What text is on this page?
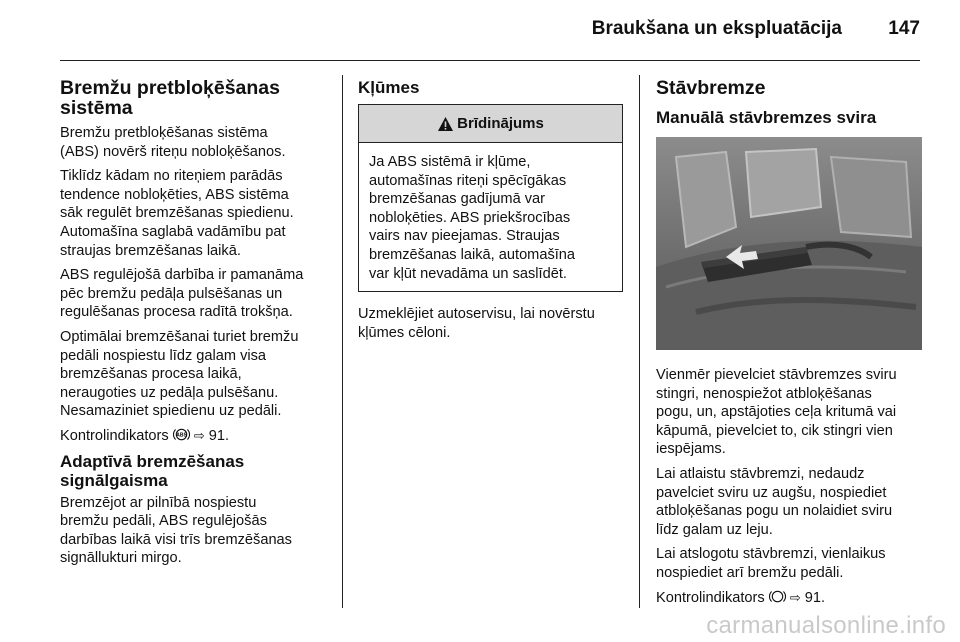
Braukšana un ekspluatācija 147
Bremžu pretbloķēšanas
sistēma

Bremžu pretbloķēšanas sistēma
(ABS) novērš riteņu nobloķēšanos.

Tiklīdz kādam no riteņiem parādās
tendence nobloķēties, ABS sistēma
sāk regulēt bremzēšanas spiedienu.
Automašīna saglabā vadāmību pat
straujas bremzēšanas laikā.

ABS regulējošā darbība ir pamanāma
pēc bremžu pedāļa pulsēšanas un
regulēšanas procesa radītā trokšņa.

Optimālai bremzēšanai turiet bremžu
pedāli nospiestu līdz galam visa
bremzēšanas procesa laikā,
neraugoties uz pedāļa pulsēšanu.
Nesamaziniet spiedienu uz pedāli.

Kontrolindikators ABS ⇨ 91.

Adaptīvā bremzēšanas
signālgaisma

Bremzējot ar pilnībā nospiestu
bremžu pedāli, ABS regulējošās
darbības laikā visi trīs bremzēšanas
signāllukturi mirgo.

Kļūmes
Brīdinājums

Ja ABS sistēmā ir kļūme,
automašīnas riteņi spēcīgākas
bremzēšanas gadījumā var
nobloķēties. ABS priekšrocības
vairs nav pieejamas. Straujas
bremzēšanas laikā, automašīna
var kļūt nevadāma un saslīdēt.

Uzmeklējiet autoservisu, lai novērstu
kļūmes cēloni.

Stāvbremze
Manuālā stāvbremzes svira

Vienmēr pievelciet stāvbremzes sviru
stingri, nenospiežot atbloķēšanas
pogu, un, apstājoties ceļa kritumā vai
kāpumā, pievelciet to, cik stingri vien
iespējams.

Lai atlaistu stāvbremzi, nedaudz
pavelciet sviru uz augšu, nospiediet
atbloķēšanas pogu un nolaidiet sviru
līdz galam uz leju.

Lai atslogotu stāvbremzi, vienlaikus
nospiediet arī bremžu pedāli.

Kontrolindikators ⇨ 91.

carmanualsonline.info
